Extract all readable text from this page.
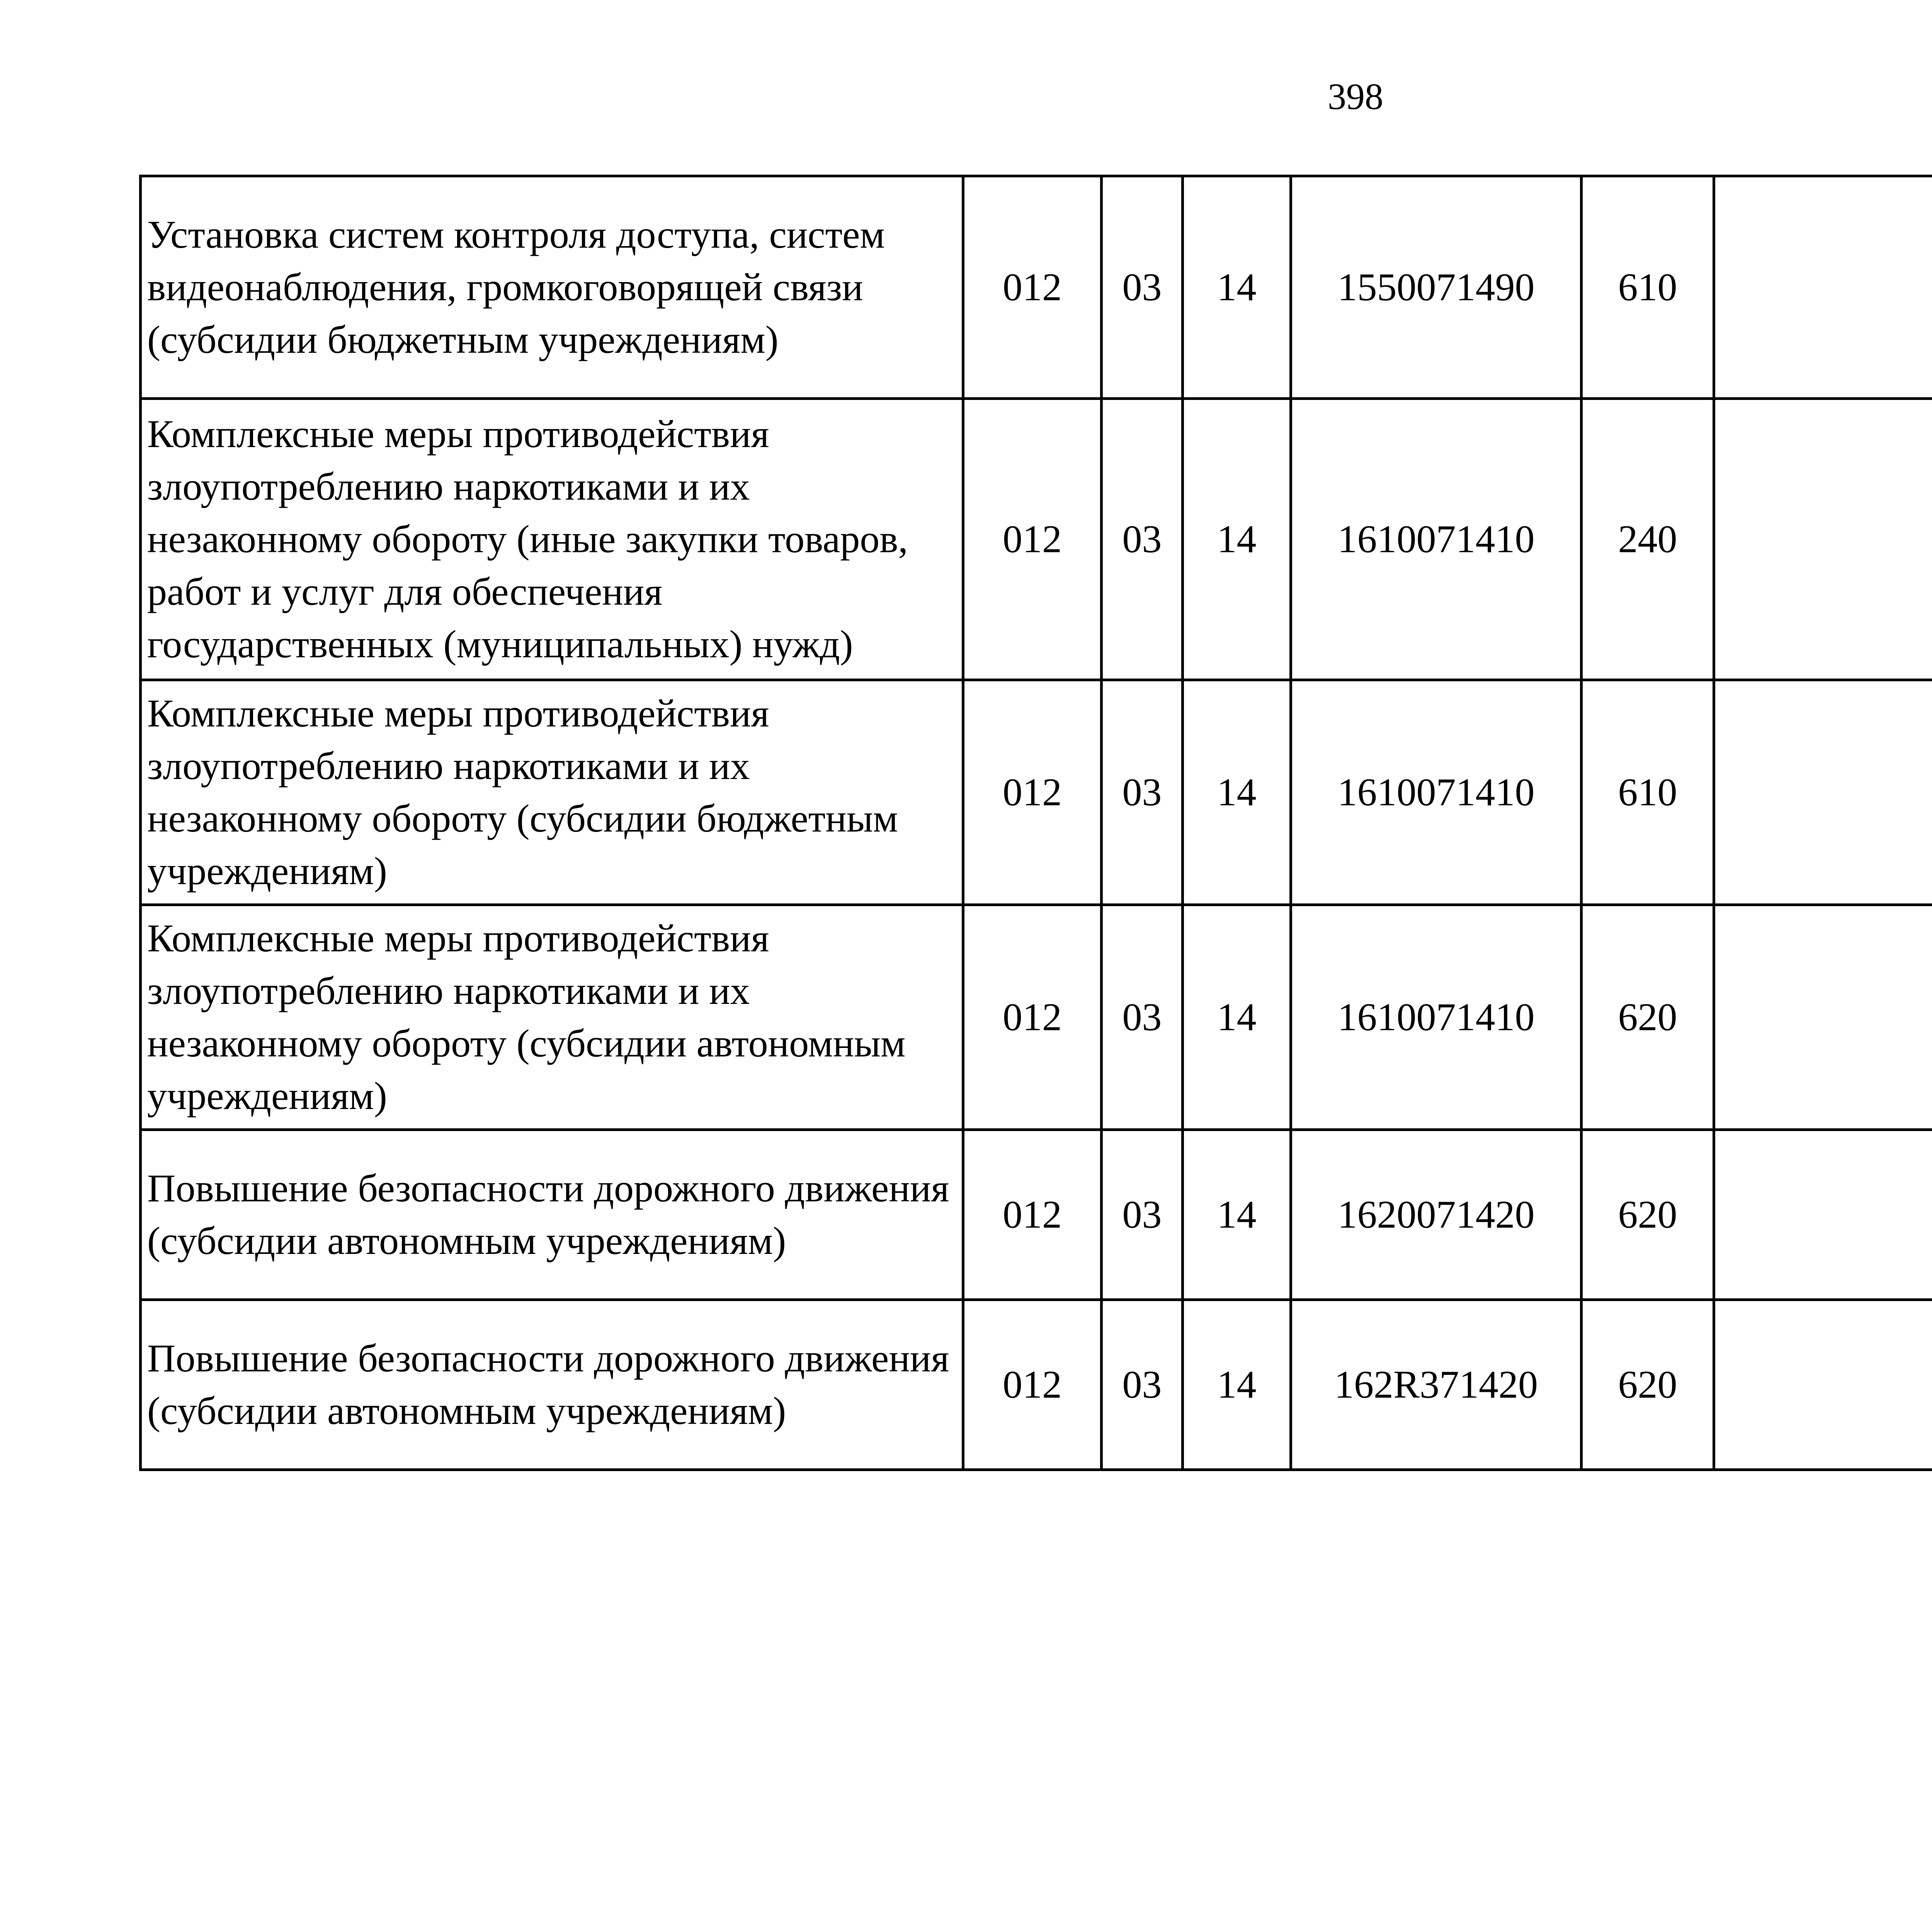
398
Установка систем контроля доступа, систем видеонаблюдения, громкоговорящей связи (субсидии бюджетным учреждениям)	012	03	14	1550071490	610			
Комплексные меры противодействия злоупотреблению наркотиками и их незаконному обороту (иные закупки товаров, работ и услуг для обеспечения государственных (муниципальных) нужд)	012	03	14	1610071410	240			
Комплексные меры противодействия злоупотреблению наркотиками и их незаконному обороту (субсидии бюджетным учреждениям)	012	03	14	1610071410	610			
Комплексные меры противодействия злоупотреблению наркотиками и их незаконному обороту (субсидии автономным учреждениям)	012	03	14	1610071410	620			
Повышение безопасности дорожного движения (субсидии автономным учреждениям)	012	03	14	1620071420	620			
Повышение безопасности дорожного движения (субсидии автономным учреждениям)	012	03	14	162R371420	620			
